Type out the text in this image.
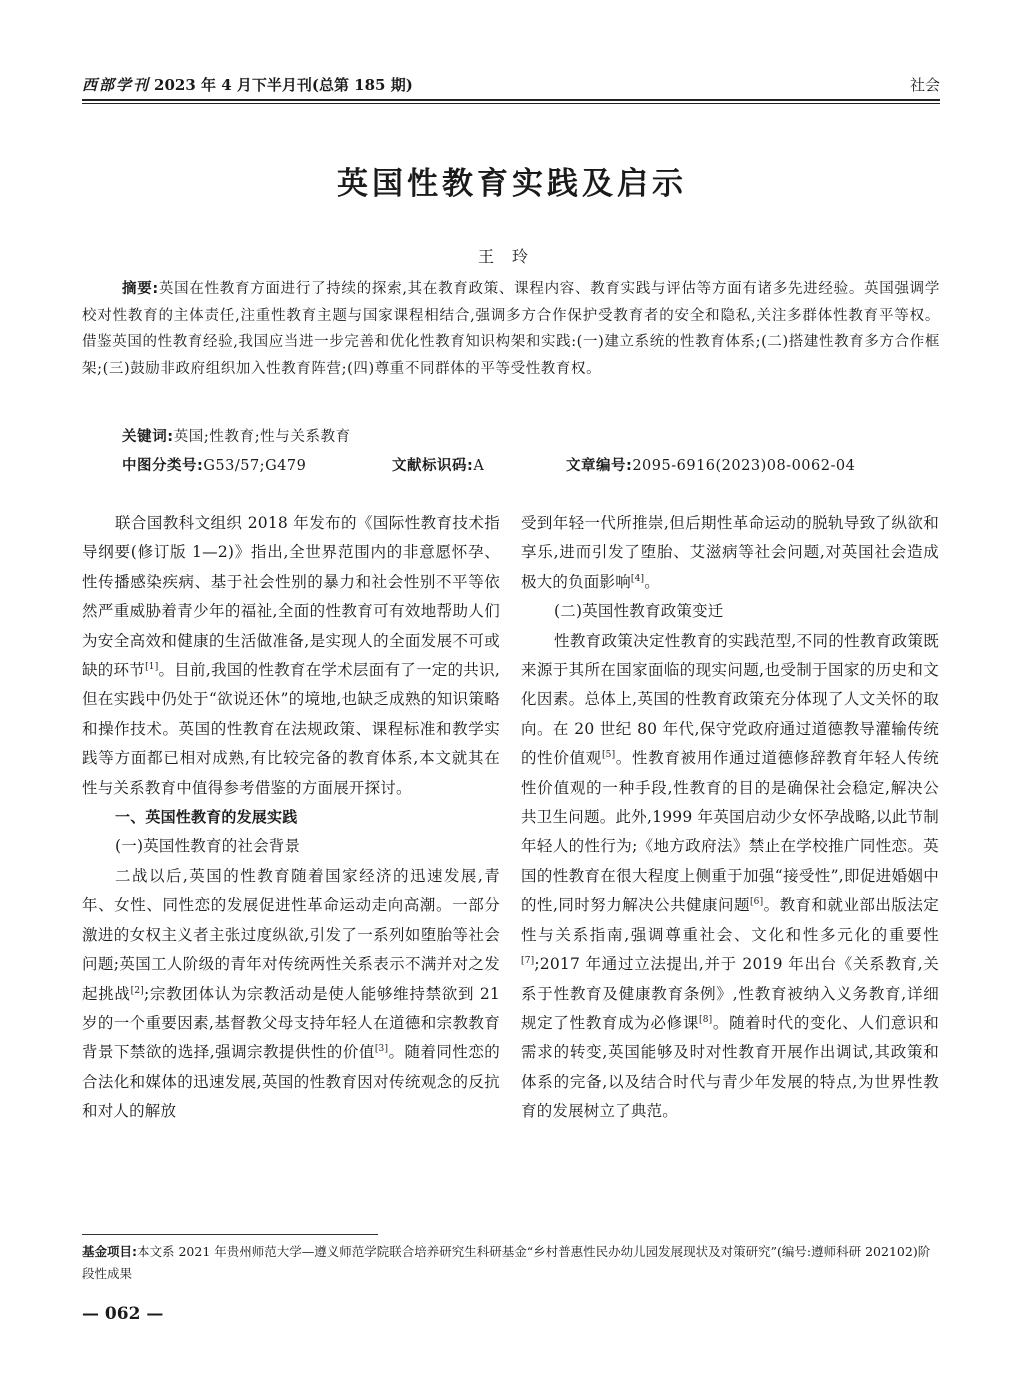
西部学刊 2023 年 4 月下半月刊(总第 185 期)	社会
英国性教育实践及启示
王玲
摘要:英国在性教育方面进行了持续的探索,其在教育政策、课程内容、教育实践与评估等方面有诸多先进经验。英国强调学校对性教育的主体责任,注重性教育主题与国家课程相结合,强调多方合作保护受教育者的安全和隐私,关注多群体性教育平等权。借鉴英国的性教育经验,我国应当进一步完善和优化性教育知识构架和实践:(一)建立系统的性教育体系;(二)搭建性教育多方合作框架;(三)鼓励非政府组织加入性教育阵营;(四)尊重不同群体的平等受性教育权。
关键词:英国;性教育;性与关系教育
中图分类号:G53/57;G479	文献标识码:A	文章编号:2095-6916(2023)08-0062-04

联合国教科文组织 2018 年发布的《国际性教育技术指导纲要(修订版 1—2)》指出,全世界范围内的非意愿怀孕、性传播感染疾病、基于社会性别的暴力和社会性别不平等依然严重威胁着青少年的福祉,全面的性教育可有效地帮助人们为安全高效和健康的生活做准备,是实现人的全面发展不可或缺的环节[1]。目前,我国的性教育在学术层面有了一定的共识,但在实践中仍处于“欲说还休”的境地,也缺乏成熟的知识策略和操作技术。英国的性教育在法规政策、课程标准和教学实践等方面都已相对成熟,有比较完备的教育体系,本文就其在性与关系教育中值得参考借鉴的方面展开探讨。

一、英国性教育的发展实践

(一)英国性教育的社会背景

二战以后,英国的性教育随着国家经济的迅速发展,青年、女性、同性恋的发展促进性革命运动走向高潮。一部分激进的女权主义者主张过度纵欲,引发了一系列如堕胎等社会问题;英国工人阶级的青年对传统两性关系表示不满并对之发起挑战[2];宗教团体认为宗教活动是使人能够维持禁欲到 21 岁的一个重要因素,基督教父母支持年轻人在道德和宗教教育背景下禁欲的选择,强调宗教提供性的价值[3]。随着同性恋的合法化和媒体的迅速发展,英国的性教育因对传统观念的反抗和对人的解放

受到年轻一代所推崇,但后期性革命运动的脱轨导致了纵欲和享乐,进而引发了堕胎、艾滋病等社会问题,对英国社会造成极大的负面影响[4]。

(二)英国性教育政策变迁

性教育政策决定性教育的实践范型,不同的性教育政策既来源于其所在国家面临的现实问题,也受制于国家的历史和文化因素。总体上,英国的性教育政策充分体现了人文关怀的取向。在 20 世纪 80 年代,保守党政府通过道德教导灌输传统的性价值观[5]。性教育被用作通过道德修辞教育年轻人传统性价值观的一种手段,性教育的目的是确保社会稳定,解决公共卫生问题。此外,1999 年英国启动少女怀孕战略,以此节制年轻人的性行为;《地方政府法》禁止在学校推广同性恋。英国的性教育在很大程度上侧重于加强“接受性”,即促进婚姻中的性,同时努力解决公共健康问题[6]。教育和就业部出版法定性与关系指南,强调尊重社会、文化和性多元化的重要性[7];2017 年通过立法提出,并于 2019 年出台《关系教育,关系于性教育及健康教育条例》,性教育被纳入义务教育,详细规定了性教育成为必修课[8]。随着时代的变化、人们意识和需求的转变,英国能够及时对性教育开展作出调试,其政策和体系的完备,以及结合时代与青少年发展的特点,为世界性教育的发展树立了典范。

基金项目:本文系 2021 年贵州师范大学—遵义师范学院联合培养研究生科研基金“乡村普惠性民办幼儿园发展现状及对策研究”(编号:遵师科研 202102)阶段性成果
— 062 —
